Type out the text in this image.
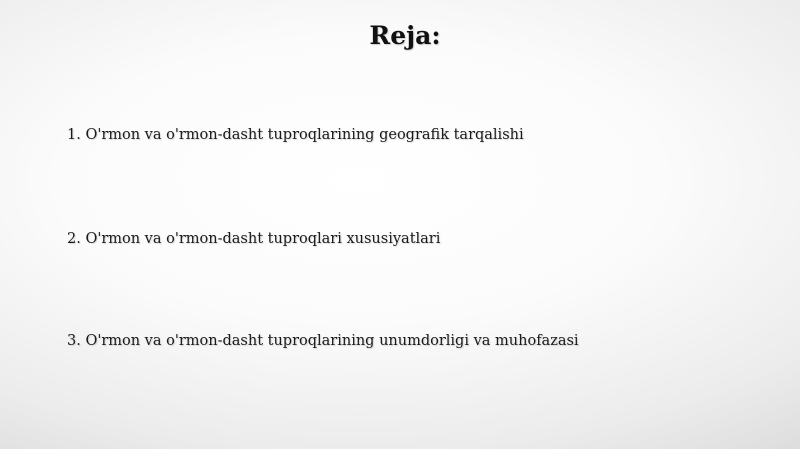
Reja:
1. O'rmon va o'rmon-dasht tuproqlarining geografik tarqalishi
2. O'rmon va o'rmon-dasht tuproqlari xususiyatlari
3. O'rmon va o'rmon-dasht tuproqlarining unumdorligi va muhofazasi
